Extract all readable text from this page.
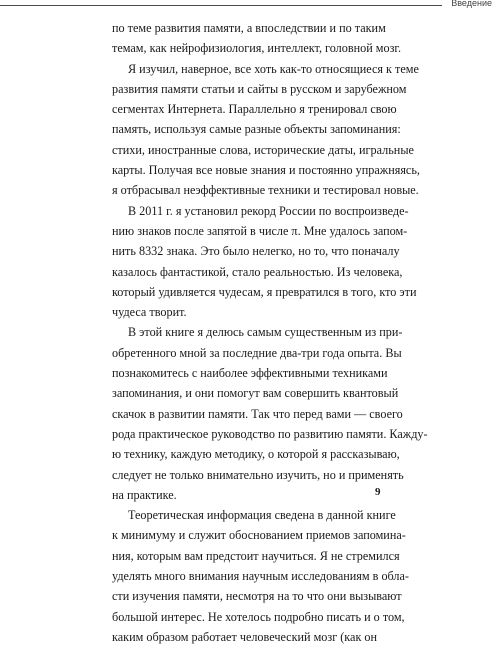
Введение

по теме развития памяти, а впоследствии и по таким
темам, как нейрофизиология, интеллект, головной мозг.

Я изучил, наверное, все хоть как-то относящиеся к теме
развития памяти статьи и сайты в русском и зарубежном
сегментах Интернета. Параллельно я тренировал свою
память, используя самые разные объекты запоминания:
стихи, иностранные слова, исторические даты, игральные
карты. Получая все новые знания и постоянно упражняясь,
я отбрасывал неэффективные техники и тестировал новые.

В 2011 г. я установил рекорд России по воспроизведе-
нию знаков после запятой в числе π. Мне удалось запом-
нить 8332 знака. Это было нелегко, но то, что поначалу
казалось фантастикой, стало реальностью. Из человека,
который удивляется чудесам, я превратился в того, кто эти
чудеса творит.

В этой книге я делюсь самым существенным из при-
обретенного мной за последние два-три года опыта. Вы
познакомитесь с наиболее эффективными техниками
запоминания, и они помогут вам совершить квантовый
скачок в развитии памяти. Так что перед вами — своего
рода практическое руководство по развитию памяти. Кажду-
ю технику, каждую методику, о которой я рассказываю,
следует не только внимательно изучить, но и применять
на практике.

Теоретическая информация сведена в данной книге
к минимуму и служит обоснованием приемов запомина-
ния, которым вам предстоит научиться. Я не стремился
уделять много внимания научным исследованиям в обла-
сти изучения памяти, несмотря на то что они вызывают
большой интерес. Не хотелось подробно писать и о том,
каким образом работает человеческий мозг (как он

9
